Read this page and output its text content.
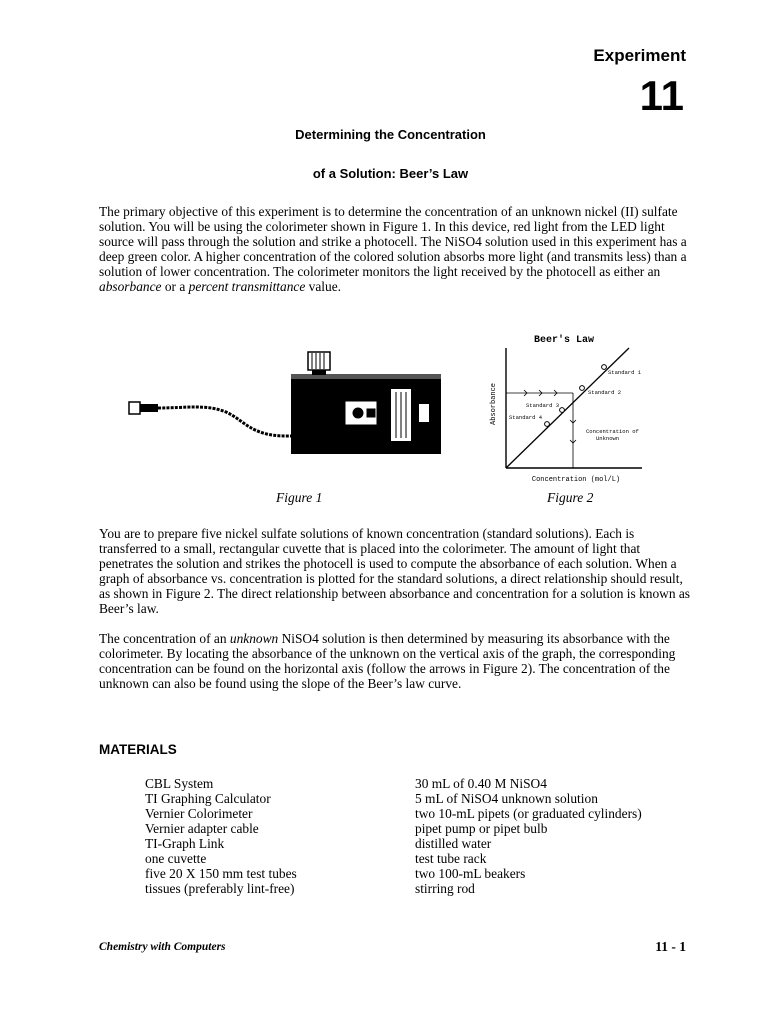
Experiment
11
Determining the Concentration
of a Solution: Beer’s Law

The primary objective of this experiment is to determine the concentration of an unknown nickel (II) sulfate solution. You will be using the colorimeter shown in Figure 1. In this device, red light from the LED light source will pass through the solution and strike a photocell. The NiSO4 solution used in this experiment has a deep green color. A higher concentration of the colored solution absorbs more light (and transmits less) than a solution of lower concentration. The colorimeter monitors the light received by the photocell as either an absorbance or a percent transmittance value.

Beer's Law
Absorbance
Concentration (mol/L)
Standard 1
Standard 2
Standard 3
Standard 4
Concentration of
Unknown
Figure 1	Figure 2

You are to prepare five nickel sulfate solutions of known concentration (standard solutions). Each is transferred to a small, rectangular cuvette that is placed into the colorimeter. The amount of light that penetrates the solution and strikes the photocell is used to compute the absorbance of each solution. When a graph of absorbance vs. concentration is plotted for the standard solutions, a direct relationship should result, as shown in Figure 2. The direct relationship between absorbance and concentration for a solution is known as Beer’s law.

The concentration of an unknown NiSO4 solution is then determined by measuring its absorbance with the colorimeter. By locating the absorbance of the unknown on the vertical axis of the graph, the corresponding concentration can be found on the horizontal axis (follow the arrows in Figure 2). The concentration of the unknown can also be found using the slope of the Beer’s law curve.

MATERIALS
CBL System
TI Graphing Calculator
Vernier Colorimeter
Vernier adapter cable
TI-Graph Link
one cuvette
five 20 X 150 mm test tubes
tissues (preferably lint-free)
30 mL of 0.40 M NiSO4
5 mL of NiSO4 unknown solution
two 10-mL pipets (or graduated cylinders)
pipet pump or pipet bulb
distilled water
test tube rack
two 100-mL beakers
stirring rod
Chemistry with Computers	11 - 1
